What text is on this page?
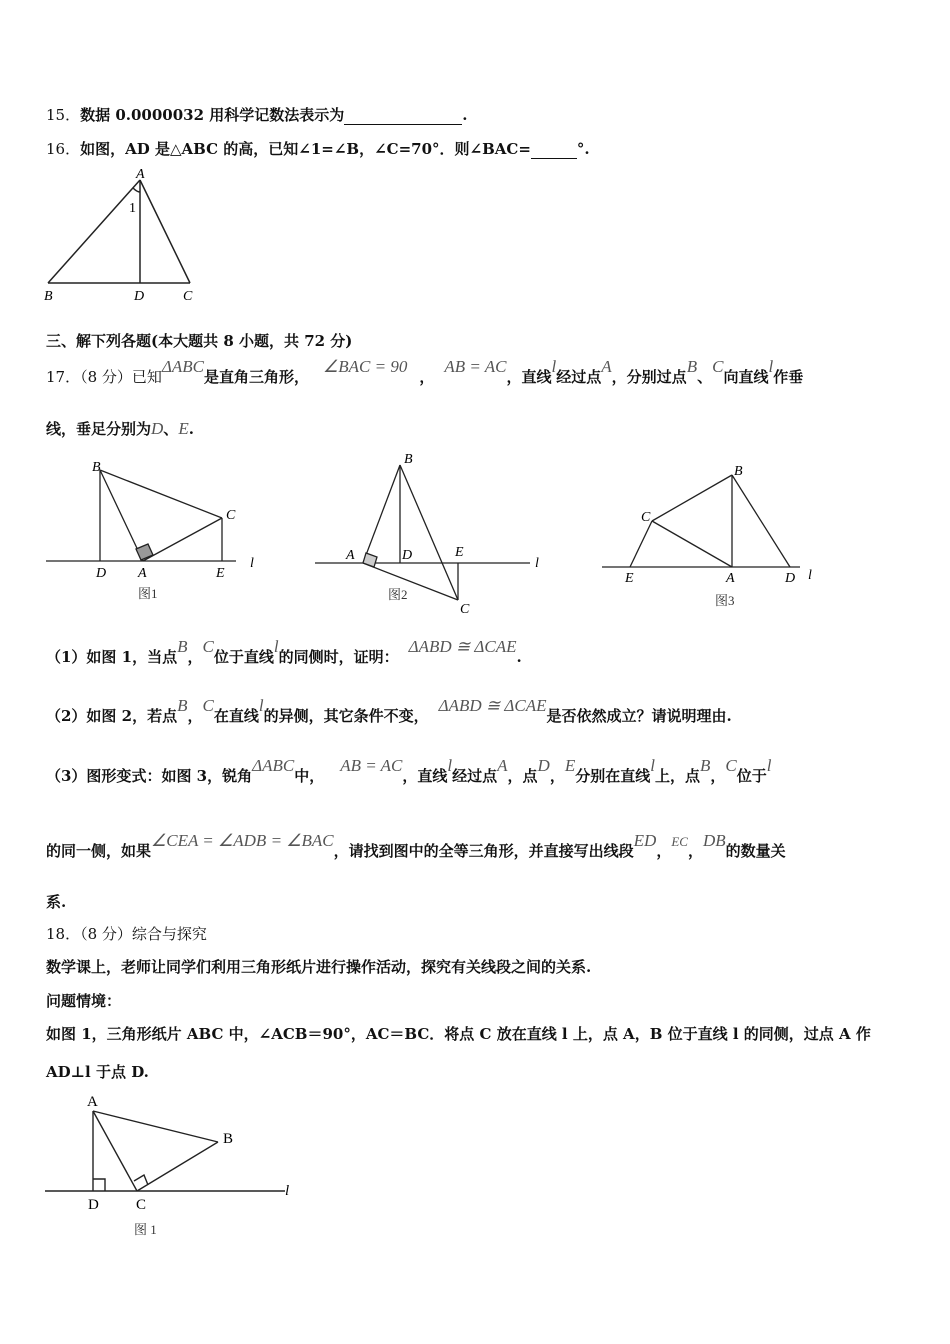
15．数据 0.0000032 用科学记数法表示为	.
16．如图，AD 是△ABC 的高，已知∠1=∠B，∠C=70°．则∠BAC=	°.
A
1
B	D	C
三、解下列各题(本大题共 8 小题，共 72 分)
17．（8 分）已知ΔABC是直角三角形，∠BAC = 90，AB = AC，直线l经过点A，分别过点B、C向直线l作垂
线，垂足分别为D、E.
B
C
D A	E
l
B
A	D	E
C
l
B
C
E	A	D l
图1	图2	图3
（1）如图 1，当点B，C位于直线l的同侧时，证明：ΔABD ≅ ΔCAE.
（2）如图 2，若点B，C在直线l的异侧，其它条件不变，ΔABD ≅ ΔCAE是否依然成立？请说明理由.
（3）图形变式：如图 3，锐角ΔABC中，AB = AC，直线l经过点A，点D，E分别在直线l上，点B，C位于l
的同一侧，如果∠CEA = ∠ADB = ∠BAC，请找到图中的全等三角形，并直接写出线段ED，EC，DB的数量关
系.
18．（8 分）综合与探究
数学课上，老师让同学们利用三角形纸片进行操作活动，探究有关线段之间的关系.
问题情境：
如图 1，三角形纸片 ABC 中，∠ACB＝90°，AC＝BC．将点 C 放在直线 l 上，点 A，B 位于直线 l 的同侧，过点 A 作
AD⊥l 于点 D.
A
B
D C
l
图 1
